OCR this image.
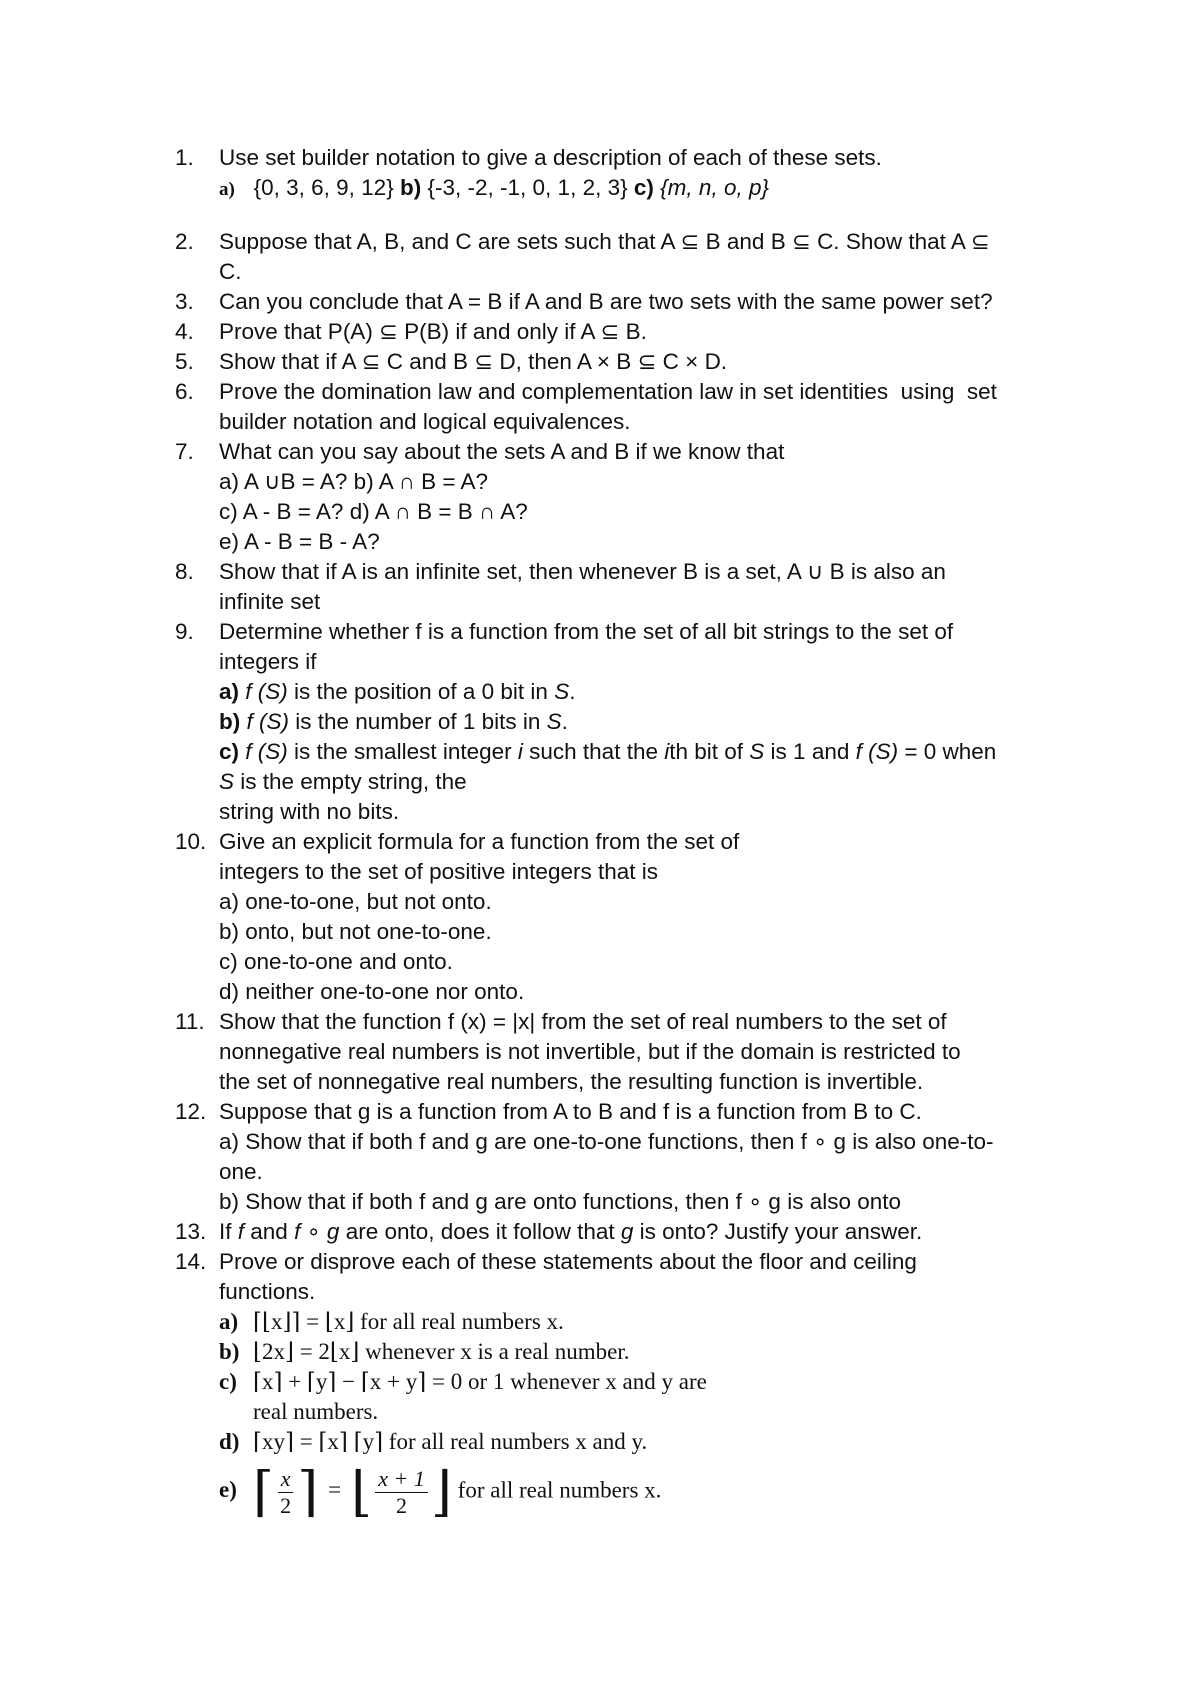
1.	Use set builder notation to give a description of each of these sets.
a) {0, 3, 6, 9, 12} b) {-3, -2, -1, 0, 1, 2, 3} c) {m, n, o, p}
2.	Suppose that A, B, and C are sets such that A ⊆ B and B ⊆ C. Show that A ⊆
C.
3.	Can you conclude that A = B if A and B are two sets with the same power set?
4.	Prove that P(A) ⊆ P(B) if and only if A ⊆ B.
5.	Show that if A ⊆ C and B ⊆ D, then A × B ⊆ C × D.
6.	Prove the domination law and complementation law in set identities  using  set
builder notation and logical equivalences.
7.	What can you say about the sets A and B if we know that
a) A ∪B = A? b) A ∩ B = A?
c) A - B = A? d) A ∩ B = B ∩ A?
e) A - B = B - A?
8.	Show that if A is an infinite set, then whenever B is a set, A ∪ B is also an
infinite set
9.	Determine whether f is a function from the set of all bit strings to the set of
integers if
a) f (S) is the position of a 0 bit in S.
b) f (S) is the number of 1 bits in S.
c) f (S) is the smallest integer i such that the ith bit of S is 1 and f (S) = 0 when
S is the empty string, the
string with no bits.
10. Give an explicit formula for a function from the set of
integers to the set of positive integers that is
a) one-to-one, but not onto.
b) onto, but not one-to-one.
c) one-to-one and onto.
d) neither one-to-one nor onto.
11. Show that the function f (x) = |x| from the set of real numbers to the set of
nonnegative real numbers is not invertible, but if the domain is restricted to
the set of nonnegative real numbers, the resulting function is invertible.
12. Suppose that g is a function from A to B and f is a function from B to C.
a) Show that if both f and g are one-to-one functions, then f ∘ g is also one-to-
one.
b) Show that if both f and g are onto functions, then f ∘ g is also onto
13. If f and f ∘ g are onto, does it follow that g is onto? Justify your answer.
14. Prove or disprove each of these statements about the floor and ceiling
functions.
a) ⌈⌊x⌋⌉ = ⌊x⌋ for all real numbers x.
b) ⌊2x⌋ = 2⌊x⌋ whenever x is a real number.
c) ⌈x⌉ + ⌈y⌉ − ⌈x + y⌉ = 0 or 1 whenever x and y are
real numbers.
d) ⌈xy⌉ = ⌈x⌉ ⌈y⌉ for all real numbers x and y.
e) ⌈ $\frac{x}{2}$ ⌉ = ⌊ $\frac{x + 1}{2}$ ⌋ for all real numbers x.
